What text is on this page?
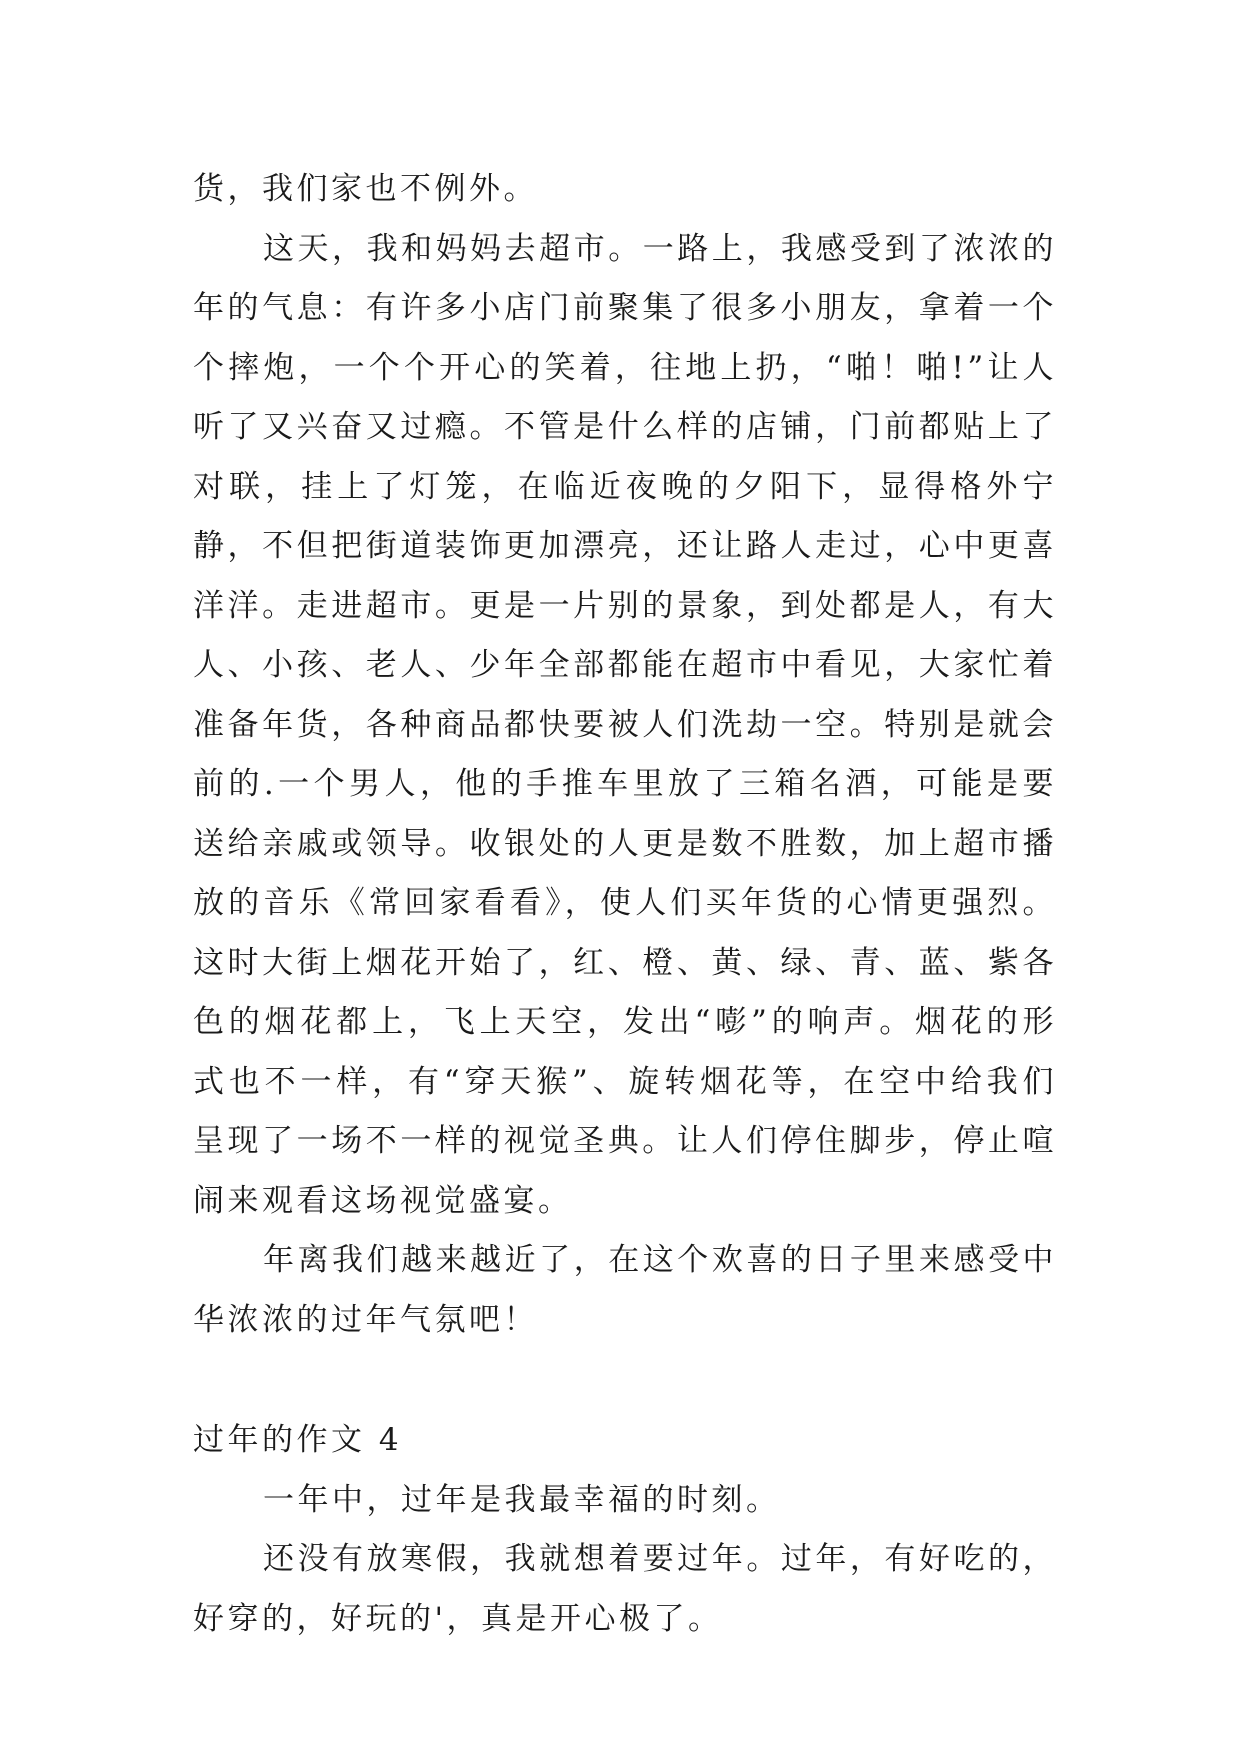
货，我们家也不例外。

这天，我和妈妈去超市。一路上，我感受到了浓浓的年的气息：有许多小店门前聚集了很多小朋友，拿着一个个摔炮，一个个开心的笑着，往地上扔，“啪！啪!”让人听了又兴奋又过瘾。不管是什么样的店铺，门前都贴上了对联，挂上了灯笼，在临近夜晚的夕阳下，显得格外宁静，不但把街道装饰更加漂亮，还让路人走过，心中更喜洋洋。走进超市。更是一片别的景象，到处都是人，有大人、小孩、老人、少年全部都能在超市中看见，大家忙着准备年货，各种商品都快要被人们洗劫一空。特别是就会前的.一个男人，他的手推车里放了三箱名酒，可能是要送给亲戚或领导。收银处的人更是数不胜数，加上超市播放的音乐《常回家看看》，使人们买年货的心情更强烈。这时大街上烟花开始了，红、橙、黄、绿、青、蓝、紫各色的烟花都上，飞上天空，发出“嘭”的响声。烟花的形式也不一样，有“穿天猴”、旋转烟花等，在空中给我们呈现了一场不一样的视觉圣典。让人们停住脚步，停止喧闹来观看这场视觉盛宴。

年离我们越来越近了，在这个欢喜的日子里来感受中华浓浓的过年气氛吧！

过年的作文 4

一年中，过年是我最幸福的时刻。

还没有放寒假，我就想着要过年。过年，有好吃的，好穿的，好玩的'，真是开心极了。
